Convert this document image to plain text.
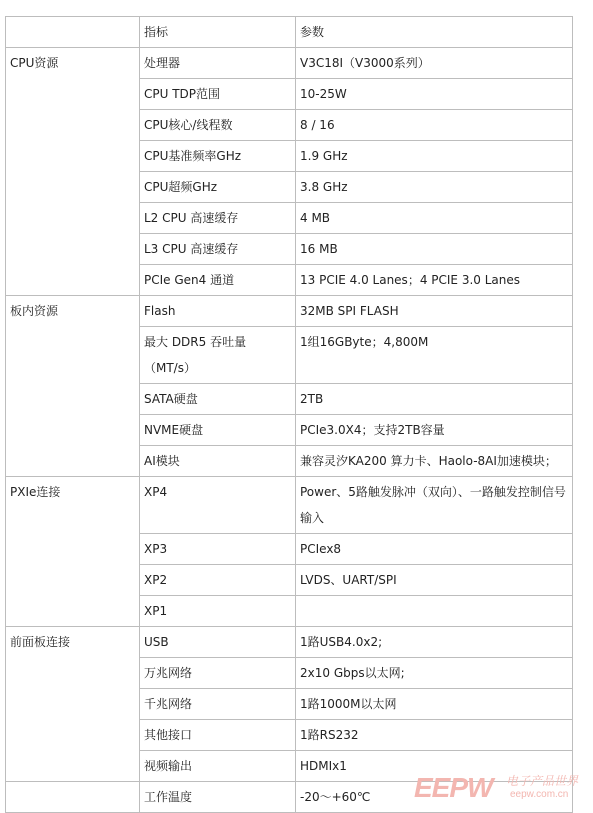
	指标	参数
CPU资源	处理器	V3C18I（V3000系列）
	CPU TDP范围	10-25W
	CPU核心/线程数	8 / 16
	CPU基准频率GHz	1.9 GHz
	CPU超频GHz	3.8 GHz
	L2 CPU 高速缓存	4 MB
	L3 CPU 高速缓存	16 MB
	PCIe Gen4 通道	13 PCIE 4.0 Lanes；4 PCIE 3.0 Lanes
板内资源	Flash	32MB SPI FLASH
	最大 DDR5 吞吐量（MT/s）	1组16GByte；4,800M
	SATA硬盘	2TB
	NVME硬盘	PCIe3.0X4；支持2TB容量
	AI模块	兼容灵汐KA200 算力卡、Haolo-8AI加速模块；
PXIe连接	XP4	Power、5路触发脉冲（双向）、一路触发控制信号输入
	XP3	PCIex8
	XP2	LVDS、UART/SPI
	XP1	
前面板连接	USB	1路USB4.0x2;
	万兆网络	2x10 Gbps以太网;
	千兆网络	1路1000M以太网
	其他接口	1路RS232
	视频输出	HDMIx1
	工作温度	-20～+60℃ EEPW 电子产品世界
eepw.com.cn
